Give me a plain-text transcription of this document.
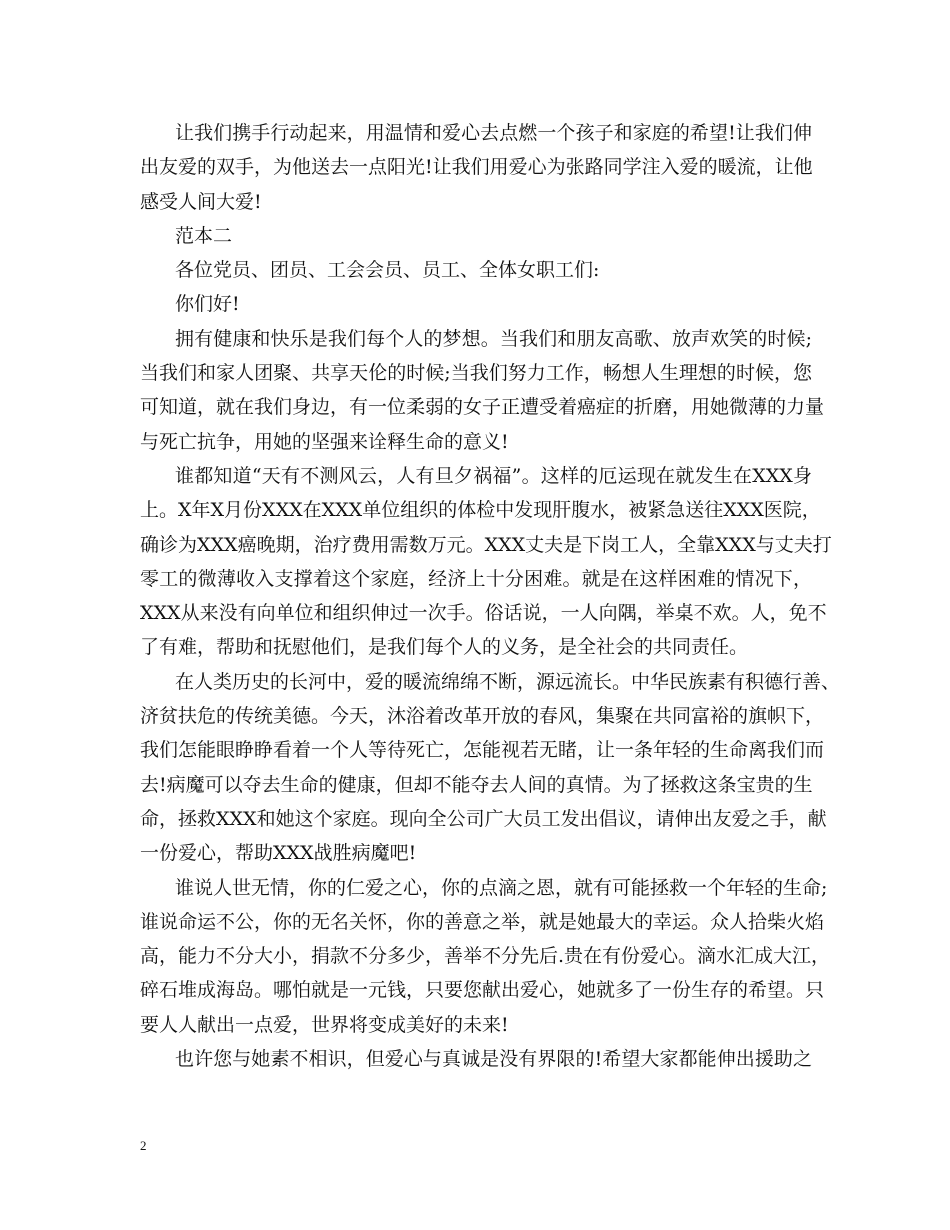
让我们携手行动起来，用温情和爱心去点燃一个孩子和家庭的希望!让我们伸
出友爱的双手，为他送去一点阳光!让我们用爱心为张路同学注入爱的暖流，让他
感受人间大爱!
范本二
各位党员、团员、工会会员、员工、全体女职工们:
你们好!
拥有健康和快乐是我们每个人的梦想。当我们和朋友高歌、放声欢笑的时候;
当我们和家人团聚、共享天伦的时候;当我们努力工作，畅想人生理想的时候，您
可知道，就在我们身边，有一位柔弱的女子正遭受着癌症的折磨，用她微薄的力量
与死亡抗争，用她的坚强来诠释生命的意义!
谁都知道“天有不测风云，人有旦夕祸福”。这样的厄运现在就发生在XXX身
上。X年X月份XXX在XXX单位组织的体检中发现肝腹水，被紧急送往XXX医院，
确诊为XXX癌晚期，治疗费用需数万元。XXX丈夫是下岗工人，全靠XXX与丈夫打
零工的微薄收入支撑着这个家庭，经济上十分困难。就是在这样困难的情况下，
XXX从来没有向单位和组织伸过一次手。俗话说，一人向隅，举桌不欢。人，免不
了有难，帮助和抚慰他们，是我们每个人的义务，是全社会的共同责任。
在人类历史的长河中，爱的暖流绵绵不断，源远流长。中华民族素有积德行善、
济贫扶危的传统美德。今天，沐浴着改革开放的春风，集聚在共同富裕的旗帜下，
我们怎能眼睁睁看着一个人等待死亡，怎能视若无睹，让一条年轻的生命离我们而
去!病魔可以夺去生命的健康，但却不能夺去人间的真情。为了拯救这条宝贵的生
命，拯救XXX和她这个家庭。现向全公司广大员工发出倡议，请伸出友爱之手，献
一份爱心，帮助XXX战胜病魔吧!
谁说人世无情，你的仁爱之心，你的点滴之恩，就有可能拯救一个年轻的生命;
谁说命运不公，你的无名关怀，你的善意之举，就是她最大的幸运。众人拾柴火焰
高，能力不分大小，捐款不分多少，善举不分先后.贵在有份爱心。滴水汇成大江，
碎石堆成海岛。哪怕就是一元钱，只要您献出爱心，她就多了一份生存的希望。只
要人人献出一点爱，世界将变成美好的未来!
也许您与她素不相识，但爱心与真诚是没有界限的!希望大家都能伸出援助之
2
